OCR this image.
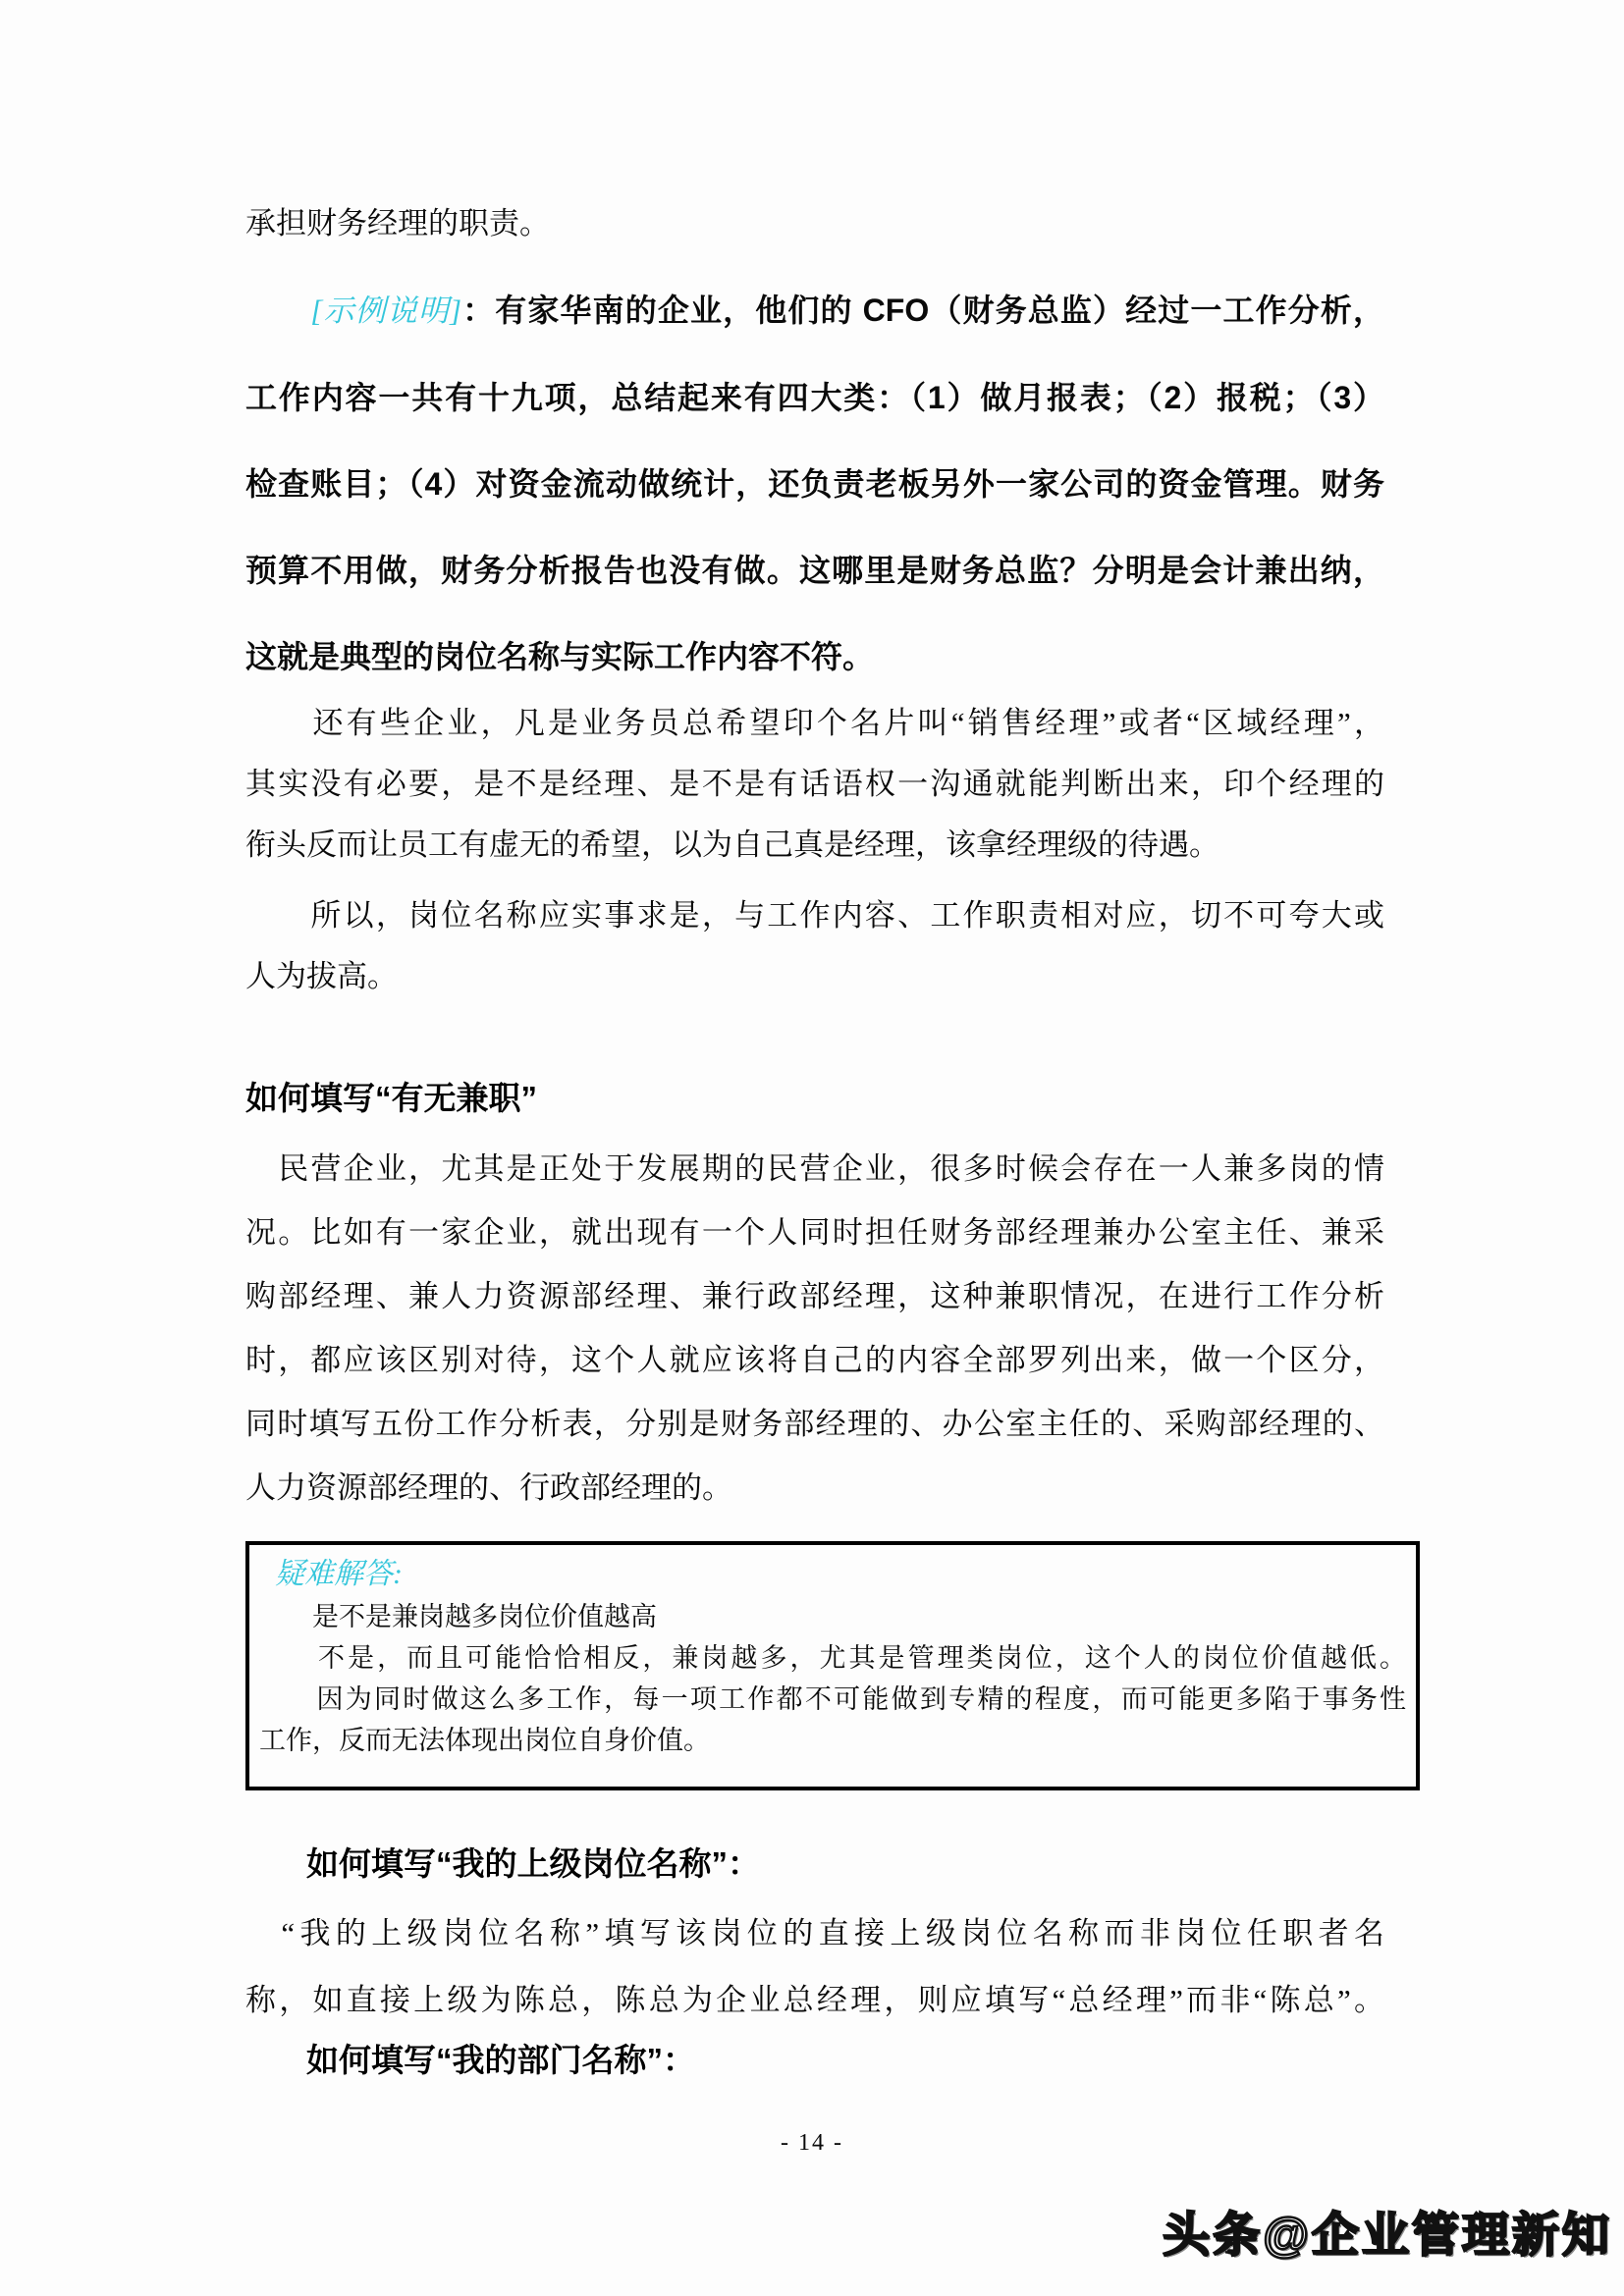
承担财务经理的职责。
　　[示例说明]：有家华南的企业，他们的 CFO（财务总监）经过一工作分析，
工作内容一共有十九项，总结起来有四大类：（1）做月报表；（2）报税；（3）
检查账目；（4）对资金流动做统计，还负责老板另外一家公司的资金管理。财务
预算不用做，财务分析报告也没有做。这哪里是财务总监？分明是会计兼出纳，
这就是典型的岗位名称与实际工作内容不符。
　　还有些企业，凡是业务员总希望印个名片叫“销售经理”或者“区域经理”，
其实没有必要，是不是经理、是不是有话语权一沟通就能判断出来，印个经理的
衔头反而让员工有虚无的希望，以为自己真是经理，该拿经理级的待遇。
　　所以，岗位名称应实事求是，与工作内容、工作职责相对应，切不可夸大或
人为拔高。
如何填写“有无兼职”
　民营企业，尤其是正处于发展期的民营企业，很多时候会存在一人兼多岗的情
况。比如有一家企业，就出现有一个人同时担任财务部经理兼办公室主任、兼采
购部经理、兼人力资源部经理、兼行政部经理，这种兼职情况，在进行工作分析
时，都应该区别对待，这个人就应该将自己的内容全部罗列出来，做一个区分，
同时填写五份工作分析表，分别是财务部经理的、办公室主任的、采购部经理的、
人力资源部经理的、行政部经理的。
疑难解答:
　　是不是兼岗越多岗位价值越高
　　不是，而且可能恰恰相反，兼岗越多，尤其是管理类岗位，这个人的岗位价值越低。
　　因为同时做这么多工作，每一项工作都不可能做到专精的程度，而可能更多陷于事务性
工作，反而无法体现出岗位自身价值。
如何填写“我的上级岗位名称”：
　“我的上级岗位名称”填写该岗位的直接上级岗位名称而非岗位任职者名
称，如直接上级为陈总，陈总为企业总经理，则应填写“总经理”而非“陈总”。
如何填写“我的部门名称”：
- 14 -
头条@企业管理新知
